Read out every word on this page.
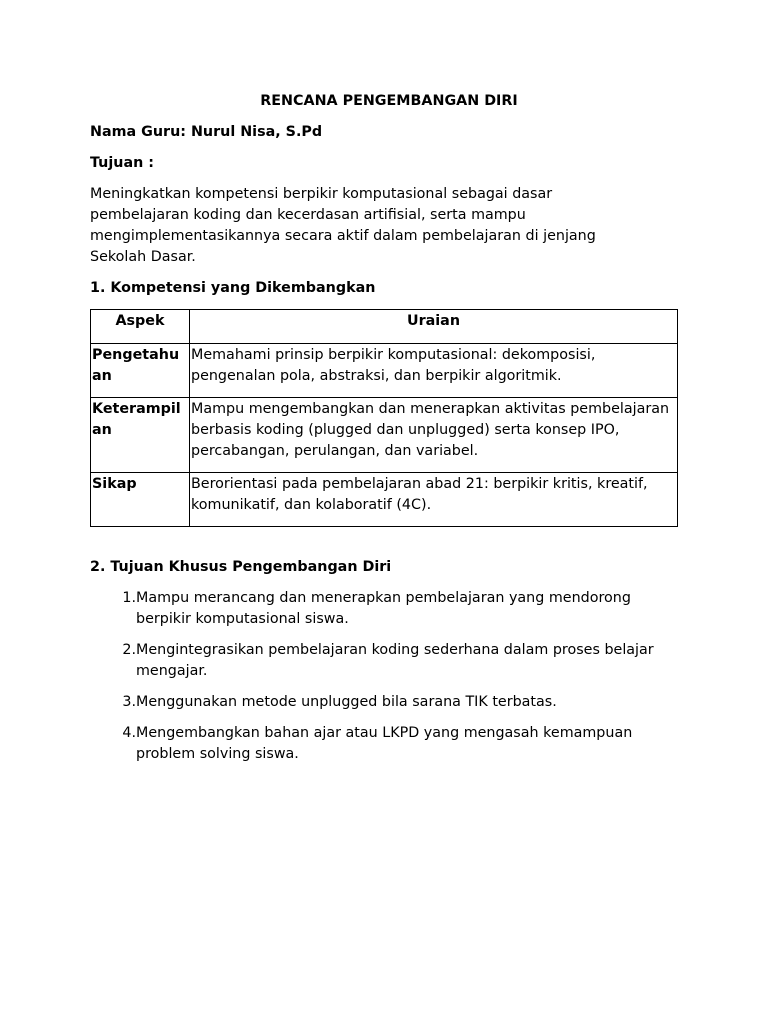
RENCANA PENGEMBANGAN DIRI

Nama Guru: Nurul Nisa, S.Pd

Tujuan :

Meningkatkan kompetensi berpikir komputasional sebagai dasar pembelajaran koding dan kecerdasan artifisial, serta mampu mengimplementasikannya secara aktif dalam pembelajaran di jenjang Sekolah Dasar.

1. Kompetensi yang Dikembangkan

Aspek	Uraian
Pengetahuan	Memahami prinsip berpikir komputasional: dekomposisi, pengenalan pola, abstraksi, dan berpikir algoritmik.
Keterampilan	Mampu mengembangkan dan menerapkan aktivitas pembelajaran berbasis koding (plugged dan unplugged) serta konsep IPO, percabangan, perulangan, dan variabel.
Sikap	Berorientasi pada pembelajaran abad 21: berpikir kritis, kreatif, komunikatif, dan kolaboratif (4C).

2. Tujuan Khusus Pengembangan Diri

1. Mampu merancang dan menerapkan pembelajaran yang mendorong berpikir komputasional siswa.
2. Mengintegrasikan pembelajaran koding sederhana dalam proses belajar mengajar.
3. Menggunakan metode unplugged bila sarana TIK terbatas.
4. Mengembangkan bahan ajar atau LKPD yang mengasah kemampuan problem solving siswa.
